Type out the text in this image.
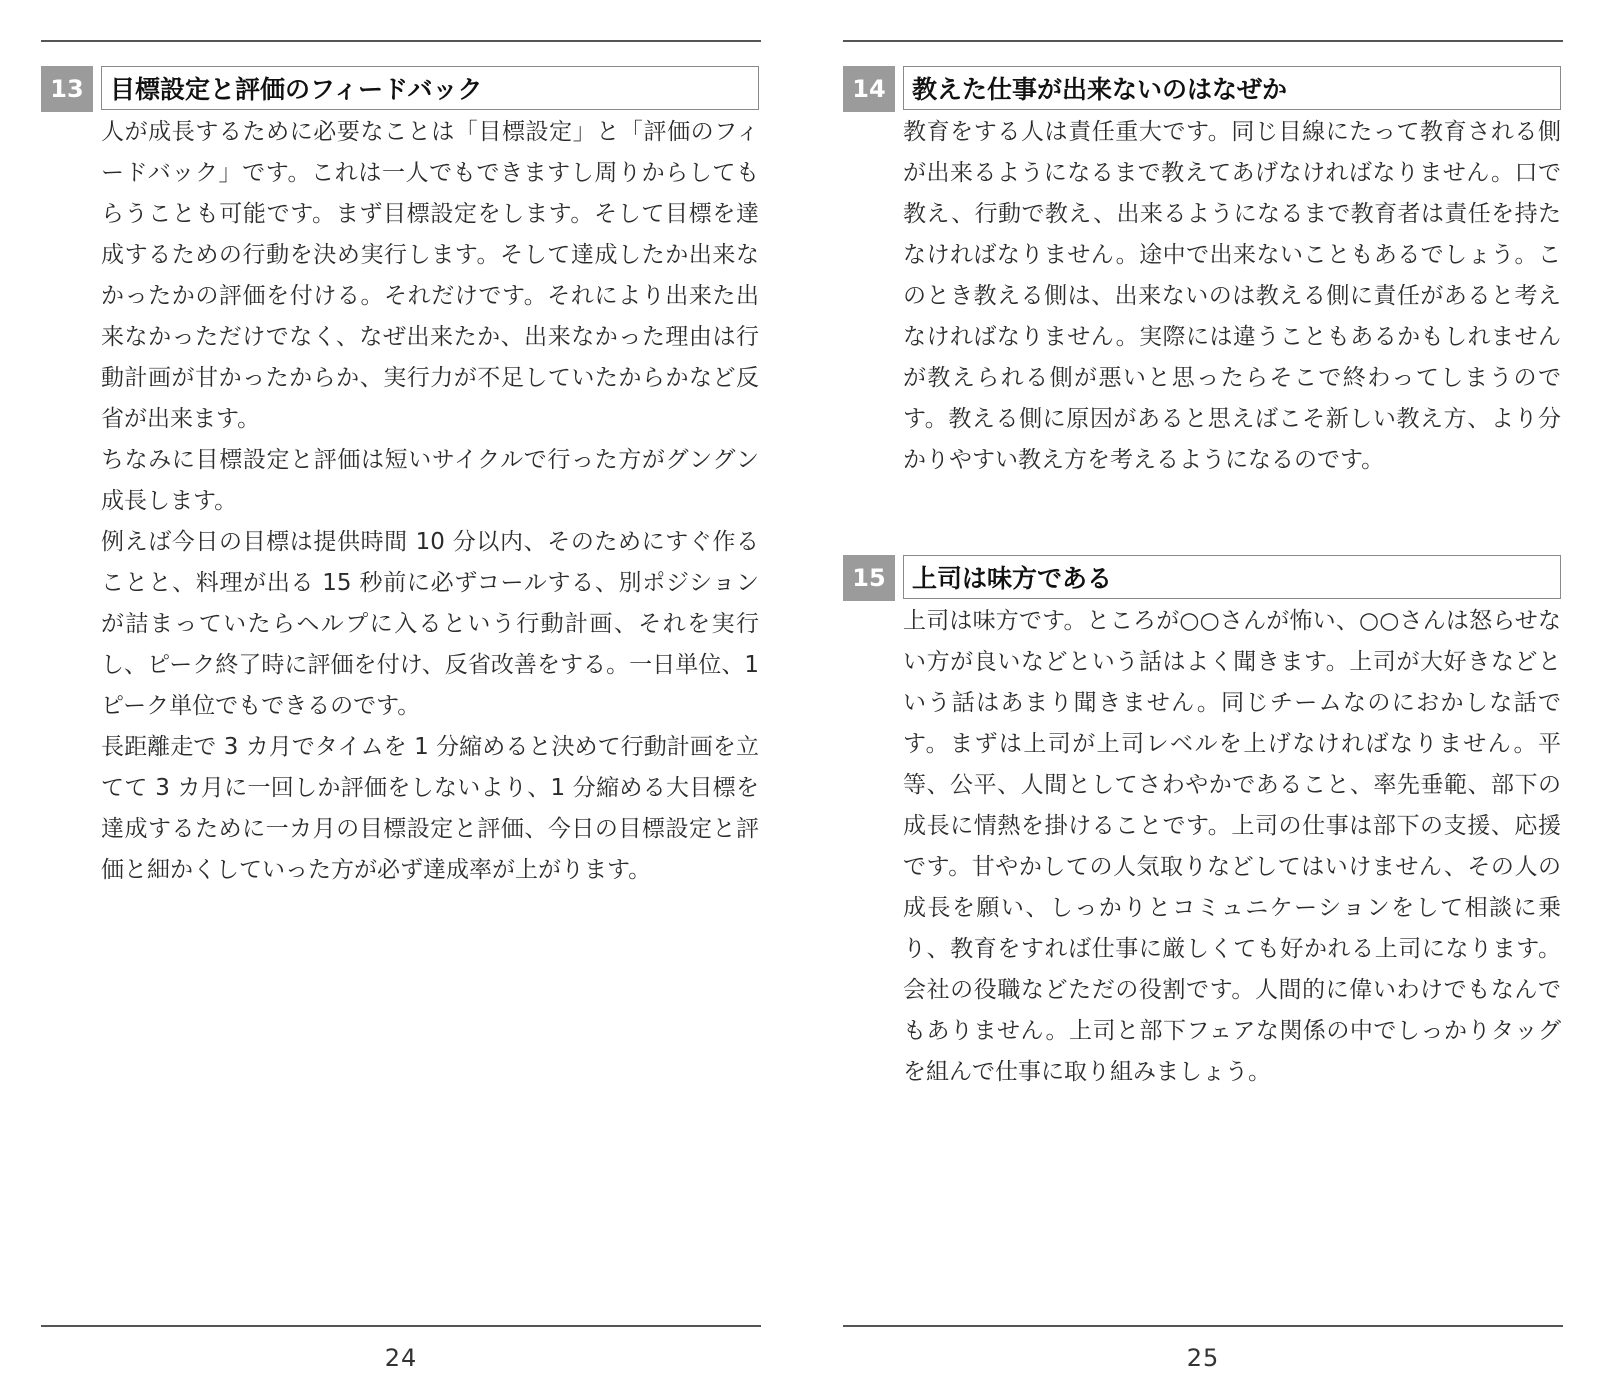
13	目標設定と評価のフィードバック

人が成長するために必要なことは「目標設定」と「評価のフィードバック」です。これは一人でもできますし周りからしてもらうことも可能です。まず目標設定をします。そして目標を達成するための行動を決め実行します。そして達成したか出来なかったかの評価を付ける。それだけです。それにより出来た出来なかっただけでなく、なぜ出来たか、出来なかった理由は行動計画が甘かったからか、実行力が不足していたからかなど反省が出来ます。

ちなみに目標設定と評価は短いサイクルで行った方がグングン成長します。

例えば今日の目標は提供時間 10 分以内、そのためにすぐ作ることと、料理が出る 15 秒前に必ずコールする、別ポジションが詰まっていたらヘルプに入るという行動計画、それを実行し、ピーク終了時に評価を付け、反省改善をする。一日単位、1 ピーク単位でもできるのです。

長距離走で 3 カ月でタイムを 1 分縮めると決めて行動計画を立てて 3 カ月に一回しか評価をしないより、1 分縮める大目標を達成するために一カ月の目標設定と評価、今日の目標設定と評価と細かくしていった方が必ず達成率が上がります。

24
14	教えた仕事が出来ないのはなぜか

教育をする人は責任重大です。同じ目線にたって教育される側が出来るようになるまで教えてあげなければなりません。口で教え、行動で教え、出来るようになるまで教育者は責任を持たなければなりません。途中で出来ないこともあるでしょう。このとき教える側は、出来ないのは教える側に責任があると考えなければなりません。実際には違うこともあるかもしれませんが教えられる側が悪いと思ったらそこで終わってしまうのです。教える側に原因があると思えばこそ新しい教え方、より分かりやすい教え方を考えるようになるのです。

15	上司は味方である

上司は味方です。ところが○○さんが怖い、○○さんは怒らせない方が良いなどという話はよく聞きます。上司が大好きなどという話はあまり聞きません。同じチームなのにおかしな話です。まずは上司が上司レベルを上げなければなりません。平等、公平、人間としてさわやかであること、率先垂範、部下の成長に情熱を掛けることです。上司の仕事は部下の支援、応援です。甘やかしての人気取りなどしてはいけません、その人の成長を願い、しっかりとコミュニケーションをして相談に乗り、教育をすれば仕事に厳しくても好かれる上司になります。会社の役職などただの役割です。人間的に偉いわけでもなんでもありません。上司と部下フェアな関係の中でしっかりタッグを組んで仕事に取り組みましょう。

25
